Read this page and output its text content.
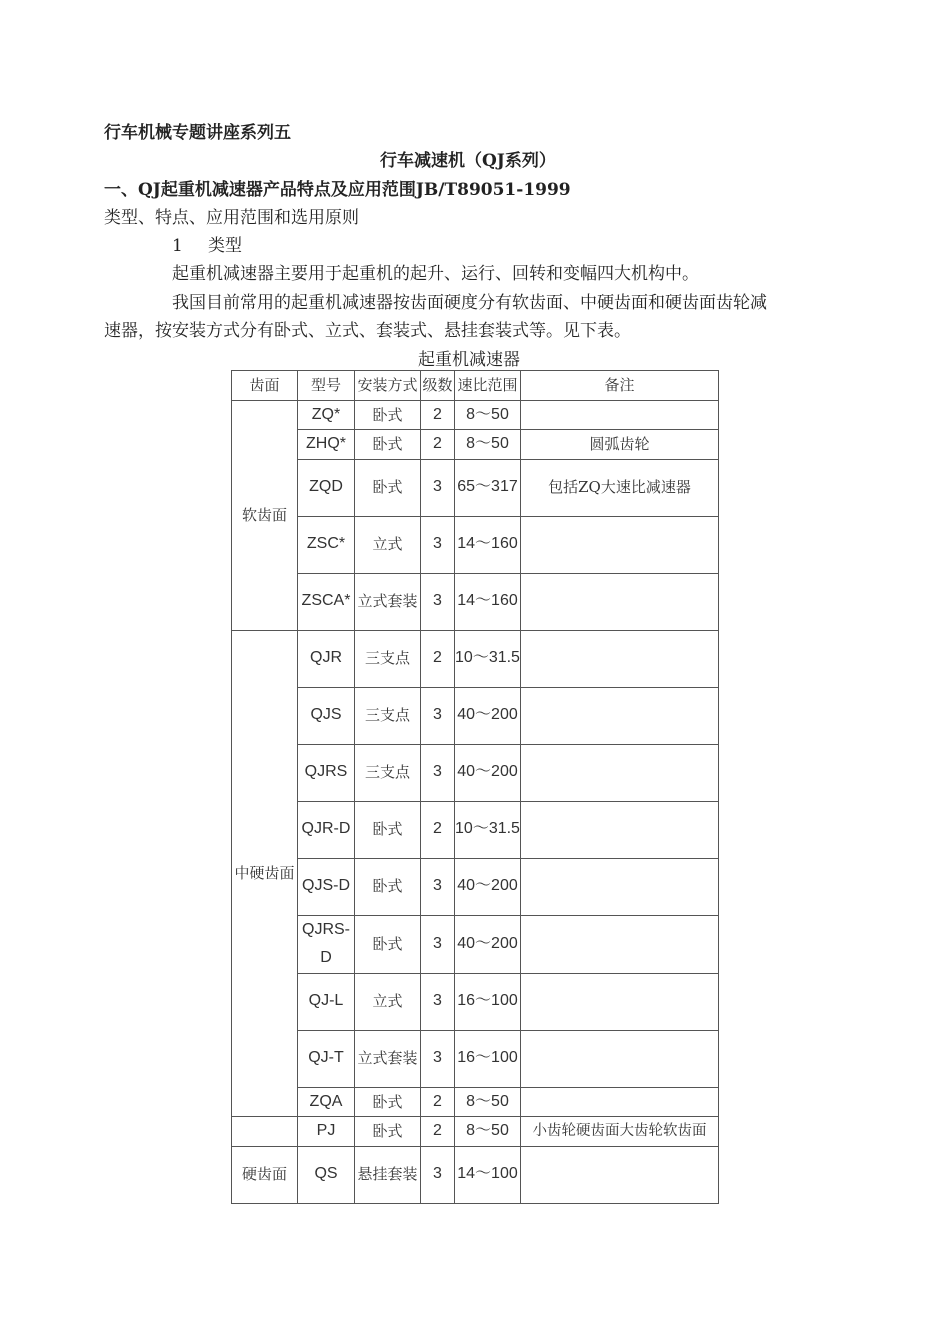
行车机械专题讲座系列五
行车减速机（QJ系列）
一、QJ起重机减速器产品特点及应用范围JB/T89051-1999
类型、特点、应用范围和选用原则
1 类型
起重机减速器主要用于起重机的起升、运行、回转和变幅四大机构中。
我国目前常用的起重机减速器按齿面硬度分有软齿面、中硬齿面和硬齿面齿轮减
速器，按安装方式分有卧式、立式、套装式、悬挂套装式等。见下表。
起重机减速器
齿面	型号	安装方式	级数	速比范围	备注
软齿面	ZQ*	卧式	2	8～50	
	ZHQ*	卧式	2	8～50	圆弧齿轮
	ZQD	卧式	3	65～317	包括ZQ大速比减速器
	ZSC*	立式	3	14～160	
	ZSCA*	立式套装	3	14～160	
中硬齿面	QJR	三支点	2	10～31.5	
	QJS	三支点	3	40～200	
	QJRS	三支点	3	40～200	
	QJR-D	卧式	2	10～31.5	
	QJS-D	卧式	3	40～200	
	QJRS-D	卧式	3	40～200	
	QJ-L	立式	3	16～100	
	QJ-T	立式套装	3	16～100	
	ZQA	卧式	2	8～50	
	PJ	卧式	2	8～50	小齿轮硬齿面大齿轮软齿面
硬齿面	QS	悬挂套装	3	14～100	
